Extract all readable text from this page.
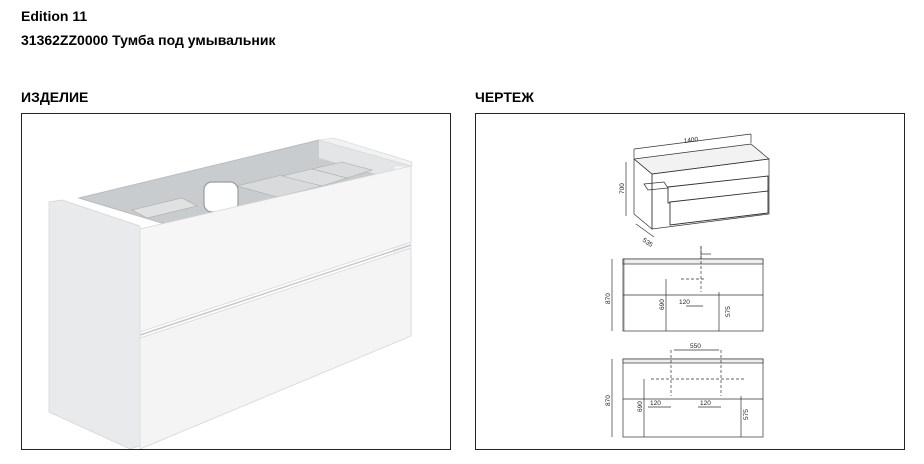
Edition 11
31362ZZ0000 Тумба под умывальник
ИЗДЕЛИЕ	ЧЕРТЕЖ
1400
700
535
870
690 120
575
550
870
690 120	120
575
